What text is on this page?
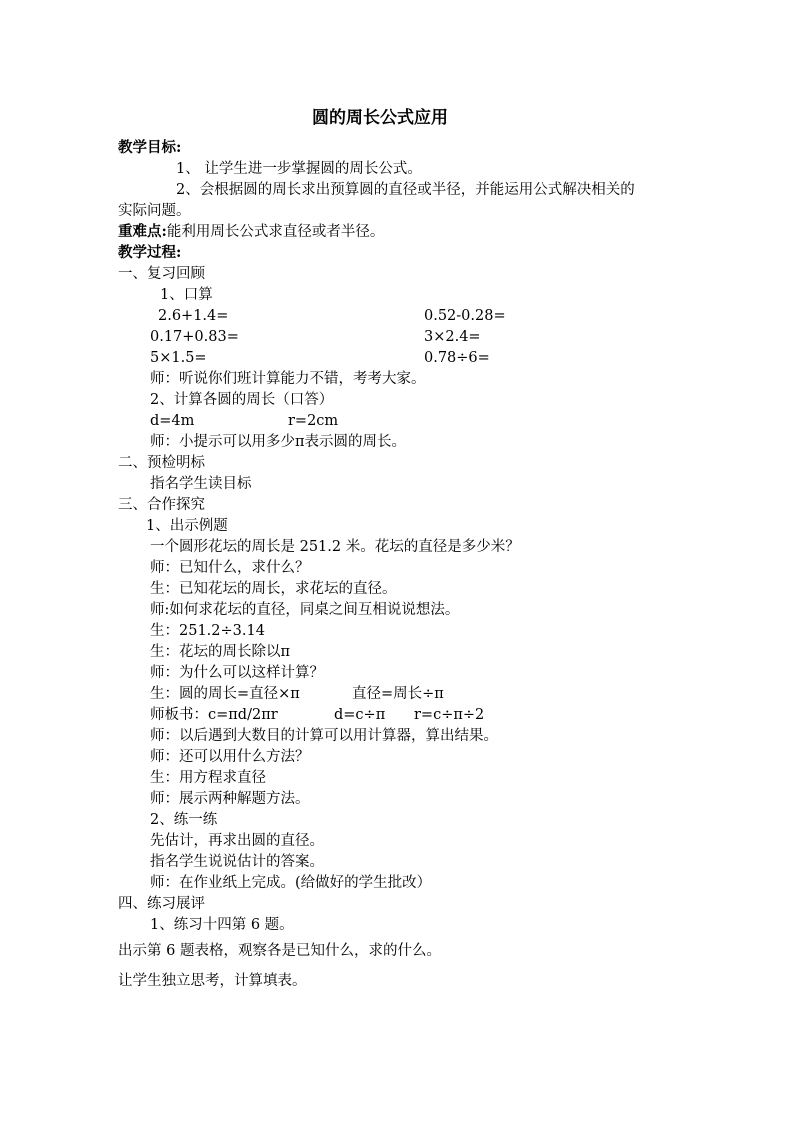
圆的周长公式应用
教学目标:
1、 让学生进一步掌握圆的周长公式。
2、会根据圆的周长求出预算圆的直径或半径，并能运用公式解决相关的
实际问题。
重难点:能利用周长公式求直径或者半径。
教学过程:
一、复习回顾
1、口算
2.6+1.4=	0.52-0.28=
0.17+0.83=	3×2.4=
5×1.5=	0.78÷6=
师：听说你们班计算能力不错，考考大家。
2、计算各圆的周长（口答）
d=4m	r=2cm
师：小提示可以用多少π表示圆的周长。
二、预检明标
指名学生读目标
三、合作探究
1、出示例题
一个圆形花坛的周长是 251.2 米。花坛的直径是多少米？
师：已知什么，求什么？
生：已知花坛的周长，求花坛的直径。
师:如何求花坛的直径，同桌之间互相说说想法。
生：251.2÷3.14
生：花坛的周长除以π
师：为什么可以这样计算？
生：圆的周长=直径×π	直径=周长÷π
师板书：c=πd/2πr	d=c÷π r=c÷π÷2
师：以后遇到大数目的计算可以用计算器，算出结果。
师：还可以用什么方法？
生：用方程求直径
师：展示两种解题方法。
2、练一练
先估计，再求出圆的直径。
指名学生说说估计的答案。
师：在作业纸上完成。(给做好的学生批改）
四、练习展评
1、练习十四第 6 题。
出示第 6 题表格，观察各是已知什么，求的什么。
让学生独立思考，计算填表。
